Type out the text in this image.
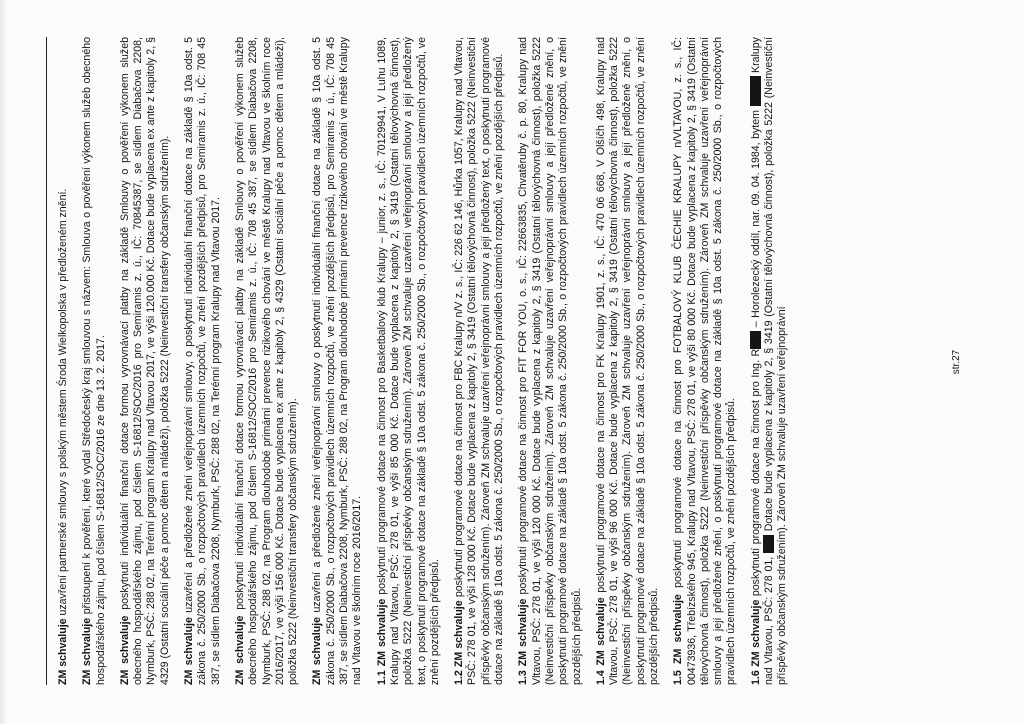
ZM schvaluje uzavření partnerské smlouvy s polským městem Środa Wielkopolska v předloženém znění.

ZM schvaluje přistoupení k pověření, které vydal Středočeský kraj smlouvou s názvem: Smlouva o pověření výkonem služeb obecného hospodářského zájmu, pod číslem S-16812/SOC/2016 ze dne 13. 2. 2017. ZM schvaluje poskytnutí individuální finanční dotace formou vyrovnávací platby na základě Smlouvy o pověření výkonem služeb obecného hospodářského zájmu, pod číslem S-16812/SOC/2016 pro Semiramis z. ú., IČ: 70845387, se sídlem Diabačova 2208, Nymburk, PSČ: 288 02, na Terénní program Kralupy nad Vltavou 2017, ve výši 120.000 Kč. Dotace bude vyplacena ex ante z kapitoly 2, § 4329 (Ostatní sociální péče a pomoc dětem a mládeži), položka 5222 (Neinvestiční transfery občanským sdružením). ZM schvaluje uzavření a předložené znění veřejnoprávní smlouvy, o poskytnutí individuální finanční dotace na základě § 10a odst. 5 zákona č. 250/2000 Sb., o rozpočtových pravidlech územních rozpočtů, ve znění pozdějších předpisů, pro Semiramis z. ú., IČ: 708 45 387, se sídlem Diabačova 2208, Nymburk, PSČ: 288 02, na Terénní program Kralupy nad Vltavou 2017. ZM schvaluje poskytnutí individuální finanční dotace formou vyrovnávací platby na základě Smlouvy o pověření výkonem služeb obecného hospodářského zájmu, pod číslem S-16812/SOC/2016 pro Semiramis z. ú., IČ: 708 45 387, se sídlem Diabačova 2208, Nymburk, PSČ: 288 02, na Program dlouhodobé primární prevence rizikového chování ve městě Kralupy nad Vltavou ve školním roce 2016/2017, ve výši 156 000 Kč. Dotace bude vyplacena ex ante z kapitoly 2, § 4329 (Ostatní sociální péče a pomoc dětem a mládeži), položka 5222 (Neinvestiční transfery občanským sdružením). ZM schvaluje uzavření a předložené znění veřejnoprávní smlouvy o poskytnutí individuální finanční dotace na základě § 10a odst. 5 zákona č. 250/2000 Sb., o rozpočtových pravidlech územních rozpočtů, ve znění pozdějších předpisů, pro Semiramis z. ú., IČ: 708 45 387, se sídlem Diabačova 2208, Nymburk, PSČ: 288 02, na Program dlouhodobé primární prevence rizikového chování ve městě Kralupy nad Vltavou ve školním roce 2016/2017. 1.1 ZM schvaluje poskytnutí programové dotace na činnost pro Basketbalový klub Kralupy – junior, z. s., IČ: 70129941, V Luhu 1089, Kralupy nad Vltavou, PSČ: 278 01, ve výši 85 000 Kč. Dotace bude vyplacena z kapitoly 2, § 3419 (Ostatní tělovýchovná činnost), položka 5222 (Neinvestiční příspěvky občanským sdružením). Zároveň ZM schvaluje uzavření veřejnoprávní smlouvy a její předložený text, o poskytnutí programové dotace na základě § 10a odst. 5 zákona č. 250/2000 Sb., o rozpočtových pravidlech územních rozpočtů, ve znění pozdějších předpisů. 1.2 ZM schvaluje poskytnutí programové dotace na činnost pro FBC Kralupy n/V z. s., IČ: 226 62 146, Hůrka 1057, Kralupy nad Vltavou, PSČ: 278 01, ve výši 128 000 Kč. Dotace bude vyplacena z kapitoly 2, § 3419 (Ostatní tělovýchovná činnost), položka 5222 (Neinvestiční příspěvky občanským sdružením). Zároveň ZM schvaluje uzavření veřejnoprávní smlouvy a její předložený text, o poskytnutí programové dotace na základě § 10a odst. 5 zákona č. 250/2000 Sb., o rozpočtových pravidlech územních rozpočtů, ve znění pozdějších předpisů. 1.3 ZM schvaluje poskytnutí programové dotace na činnost pro FIT FOR YOU, o. s., IČ: 22663835, Chvatěruby č. p. 80, Kralupy nad Vltavou, PSČ: 278 01, ve výši 120 000 Kč. Dotace bude vyplacena z kapitoly 2, § 3419 (Ostatní tělovýchovná činnost), položka 5222 (Neinvestiční příspěvky občanským sdružením). Zároveň ZM schvaluje uzavření veřejnoprávní smlouvy a její předložené znění, o poskytnutí programové dotace na základě § 10a odst. 5 zákona č. 250/2000 Sb., o rozpočtových pravidlech územních rozpočtů, ve znění pozdějších předpisů. 1.4 ZM schvaluje poskytnutí programové dotace na činnost pro FK Kralupy 1901, z. s., IČ: 470 06 668, V Olšíčh 498, Kralupy nad Vltavou, PSČ: 278 01, ve výši 96 000 Kč. Dotace bude vyplacena z kapitoly 2, § 3419 (Ostatní tělovýchovná činnost), položka 5222 (Neinvestiční příspěvky občanským sdružením). Zároveň ZM schvaluje uzavření veřejnoprávní smlouvy a její předložené znění, o poskytnutí programové dotace na základě § 10a odst. 5 zákona č. 250/2000 Sb., o rozpočtových pravidlech územních rozpočtů, ve znění pozdějších předpisů. 1.5 ZM schvaluje poskytnutí programové dotace na činnost pro FOTBALOVÝ KLUB ČECHIE KRALUPY n/VLTAVOU, z. s., IČ: 00473936, Třebízského 945, Kralupy nad Vltavou, PSČ: 278 01, ve výši 80 000 Kč. Dotace bude vyplacena z kapitoly 2, § 3419 (Ostatní tělovýchovná činnost), položka 5222 (Neinvestiční příspěvky občanským sdružením). Zároveň ZM schvaluje uzavření veřejnoprávní smlouvy a její předložené znění, o poskytnutí programové dotace na základě § 10a odst. 5 zákona č. 250/2000 Sb., o rozpočtových pravidlech územních rozpočtů, ve znění pozdějších předpisů. 1.6 ZM schvaluje poskytnutí programové dotace na činnost pro Ing. R – Horolezecký oddíl, nar. 09. 04. 1984, bytem  Kralupy nad Vltavou, PSČ: 278 01,  Dotace bude vyplacena z kapitoly 2, § 3419 (Ostatní tělovýchovná činnost), položka 5222 (Neinvestiční příspěvky občanským sdružením). Zároveň ZM schvaluje uzavření veřejnoprávní	str.27
